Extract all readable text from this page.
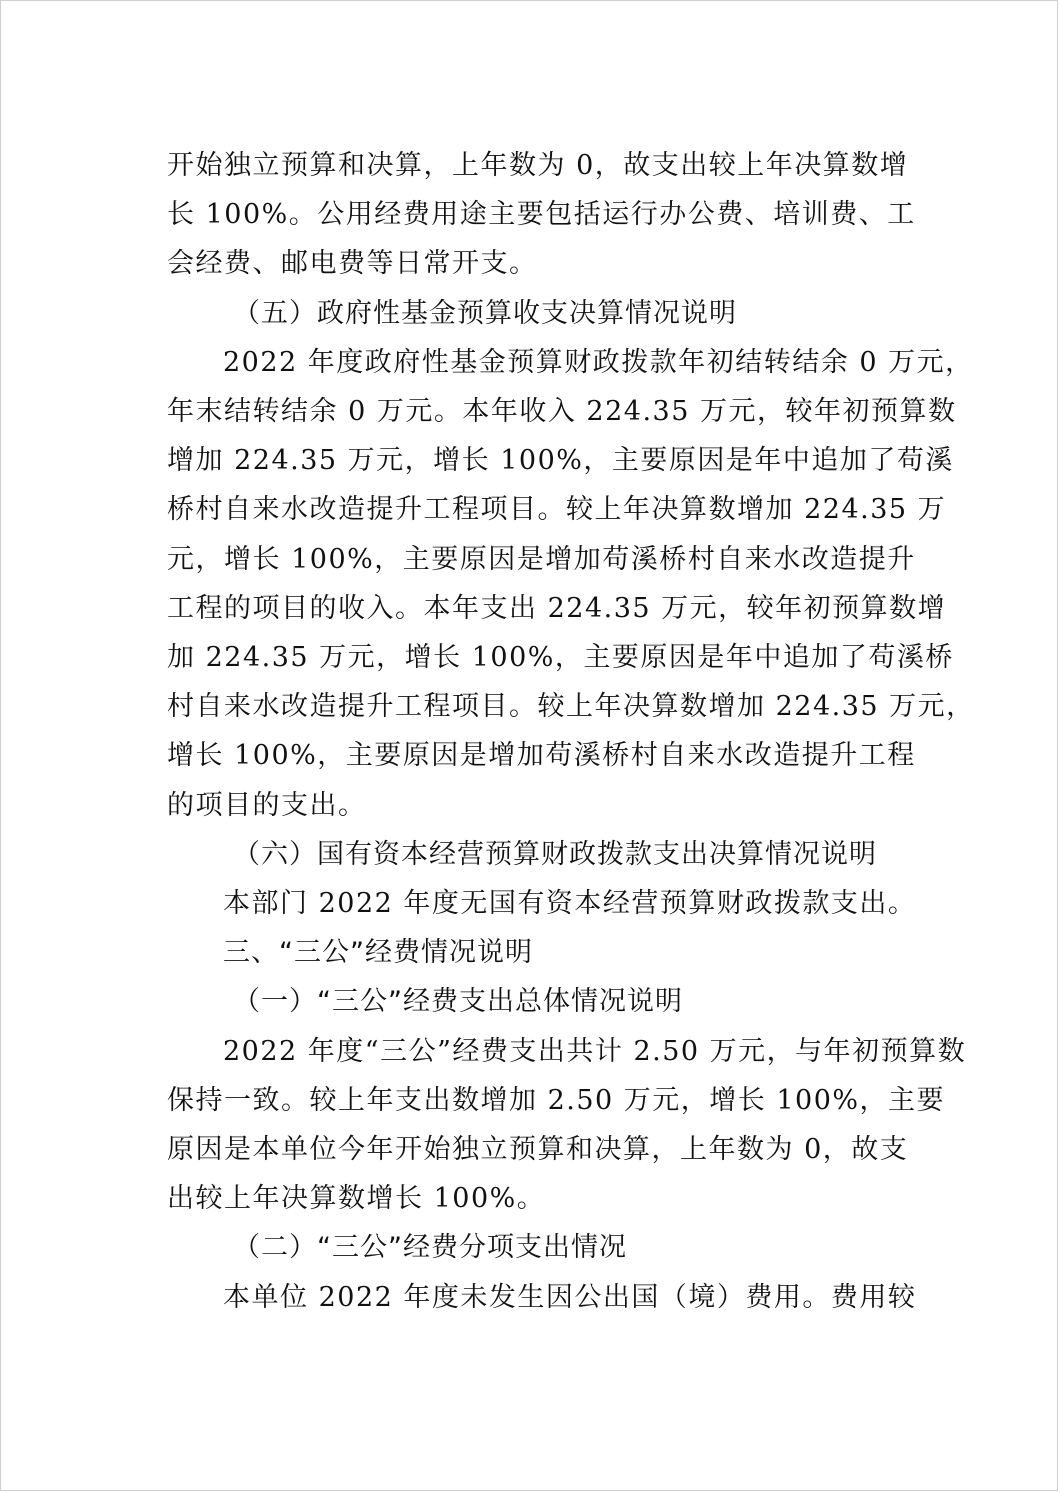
开始独立预算和决算，上年数为 0，故支出较上年决算数增

长 100%。公用经费用途主要包括运行办公费、培训费、工

会经费、邮电费等日常开支。

（五）政府性基金预算收支决算情况说明

2022 年度政府性基金预算财政拨款年初结转结余 0 万元，

年末结转结余 0 万元。本年收入 224.35 万元，较年初预算数

增加 224.35 万元，增长 100%，主要原因是年中追加了苟溪

桥村自来水改造提升工程项目。较上年决算数增加 224.35 万

元，增长 100%，主要原因是增加苟溪桥村自来水改造提升

工程的项目的收入。本年支出 224.35 万元，较年初预算数增

加 224.35 万元，增长 100%，主要原因是年中追加了苟溪桥

村自来水改造提升工程项目。较上年决算数增加 224.35 万元，

增长 100%，主要原因是增加苟溪桥村自来水改造提升工程

的项目的支出。

（六）国有资本经营预算财政拨款支出决算情况说明

本部门 2022 年度无国有资本经营预算财政拨款支出。

三、“三公”经费情况说明

（一）“三公”经费支出总体情况说明

2022 年度“三公”经费支出共计 2.50 万元，与年初预算数

保持一致。较上年支出数增加 2.50 万元，增长 100%，主要

原因是本单位今年开始独立预算和决算，上年数为 0，故支

出较上年决算数增长 100%。

（二）“三公”经费分项支出情况

本单位 2022 年度未发生因公出国（境）费用。费用较
